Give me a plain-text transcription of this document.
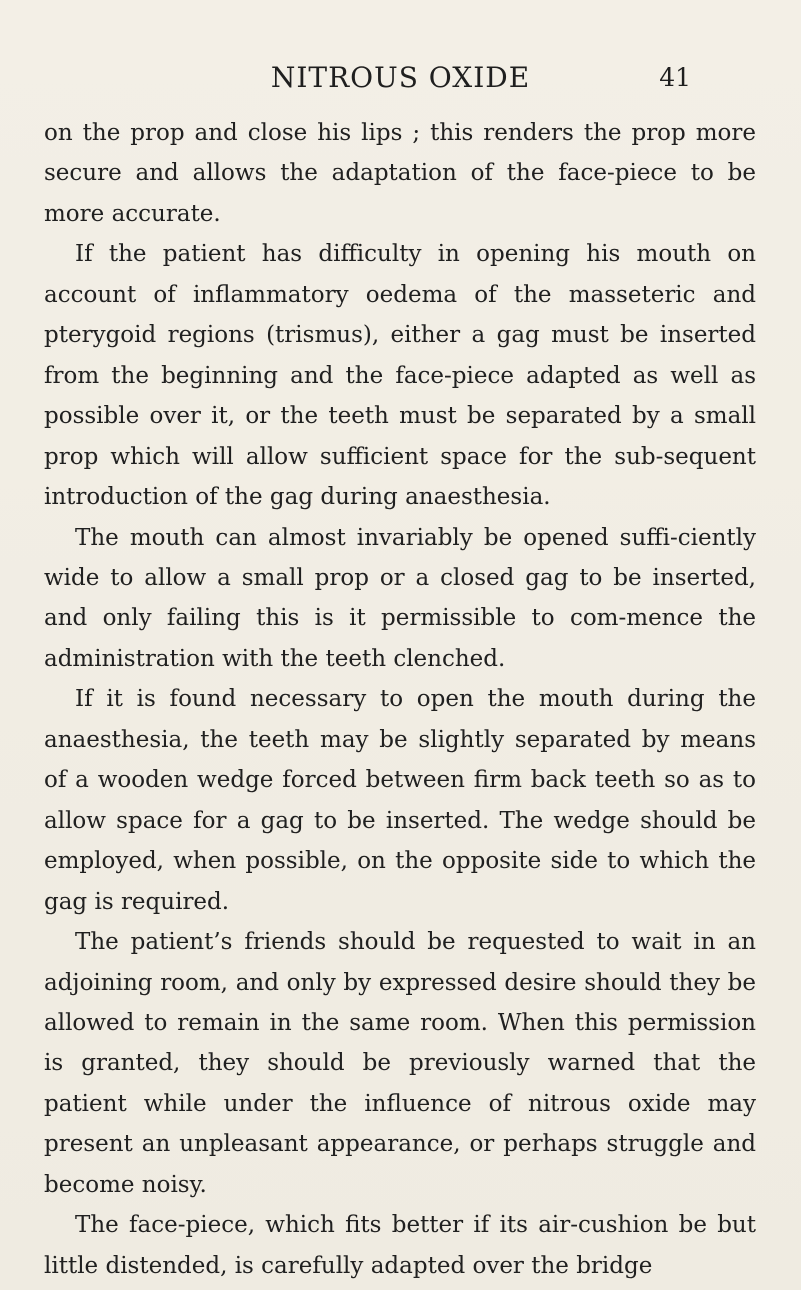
NITROUS OXIDE	41

on the prop and close his lips ; this renders the prop more secure and allows the adaptation of the face-piece to be more accurate.

If the patient has difficulty in opening his mouth on account of inflammatory oedema of the masseteric and pterygoid regions (trismus), either a gag must be inserted from the beginning and the face-piece adapted as well as possible over it, or the teeth must be separated by a small prop which will allow sufficient space for the sub-sequent introduction of the gag during anaesthesia.

The mouth can almost invariably be opened suffi-ciently wide to allow a small prop or a closed gag to be inserted, and only failing this is it permissible to com-mence the administration with the teeth clenched.

If it is found necessary to open the mouth during the anaesthesia, the teeth may be slightly separated by means of a wooden wedge forced between firm back teeth so as to allow space for a gag to be inserted. The wedge should be employed, when possible, on the opposite side to which the gag is required.

The patient’s friends should be requested to wait in an adjoining room, and only by expressed desire should they be allowed to remain in the same room. When this permission is granted, they should be previously warned that the patient while under the influence of nitrous oxide may present an unpleasant appearance, or perhaps struggle and become noisy.

The face-piece, which fits better if its air-cushion be but little distended, is carefully adapted over the bridge
